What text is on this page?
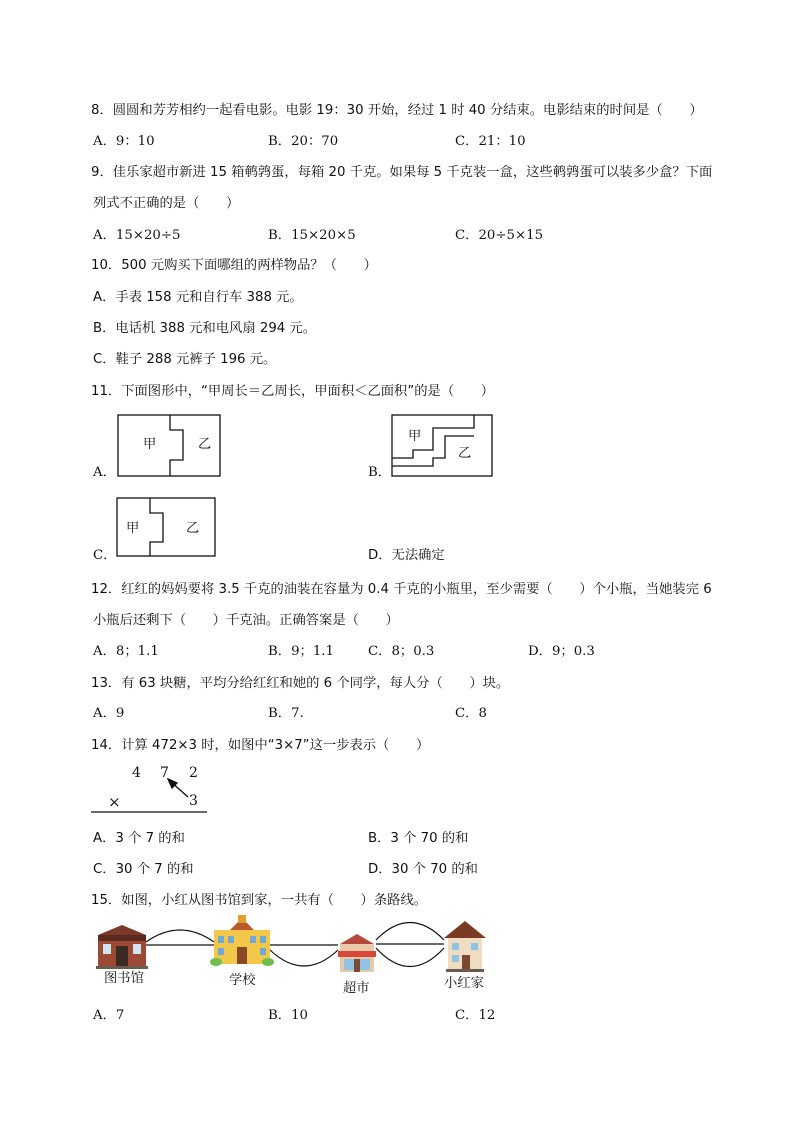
8．圆圆和芳芳相约一起看电影。电影 19：30 开始，经过 1 时 40 分结束。电影结束的时间是（　　）
A．9：10	B．20：70	C．21：10
9．佳乐家超市新进 15 箱鹌鹑蛋，每箱 20 千克。如果每 5 千克装一盒，这些鹌鹑蛋可以装多少盒？下面
列式不正确的是（　　）
A．15×20÷5	B．15×20×5	C．20÷5×15
10．500 元购买下面哪组的两样物品？（　　）
A．手表 158 元和自行车 388 元。
B．电话机 388 元和电风扇 294 元。
C．鞋子 288 元裤子 196 元。
11．下面图形中，“甲周长＝乙周长，甲面积＜乙面积”的是（　　）
A．	B．
C．	D．无法确定
甲	乙
甲
乙
甲	乙
12．红红的妈妈要将 3.5 千克的油装在容量为 0.4 千克的小瓶里，至少需要（　　）个小瓶，当她装完 6
小瓶后还剩下（　　）千克油。正确答案是（　　）
A．8；1.1	B．9；1.1	C．8；0.3	D．9；0.3
13．有 63 块糖，平均分给红红和她的 6 个同学，每人分（　　）块。
A．9	B．7.	C．8
14．计算 472×3 时，如图中“3×7”这一步表示（　　）
4 7 2
×	3
A．3 个 7 的和	B．3 个 70 的和
C．30 个 7 的和	D．30 个 70 的和
15．如图，小红从图书馆到家，一共有（　　）条路线。
图书馆	学校
超市	小红家
A．7	B．10	C．12
